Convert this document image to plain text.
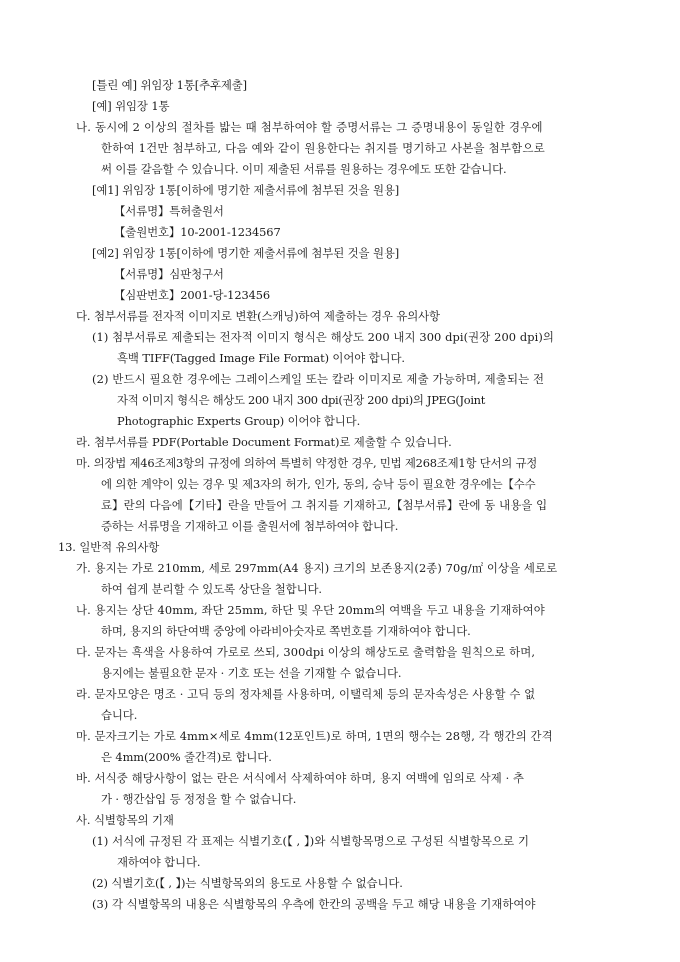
[틀린 예] 위임장 1통[추후제출]
[예] 위임장 1통
나. 동시에 2 이상의 절차를 밟는 때 첨부하여야 할 증명서류는 그 증명내용이 동일한 경우에
한하여 1건만 첨부하고, 다음 예와 같이 원용한다는 취지를 명기하고 사본을 첨부함으로
써 이를 갈음할 수 있습니다. 이미 제출된 서류를 원용하는 경우에도 또한 같습니다.
[예1] 위임장 1통[이하에 명기한 제출서류에 첨부된 것을 원용]
【서류명】특허출원서
【출원번호】10-2001-1234567
[예2] 위임장 1통[이하에 명기한 제출서류에 첨부된 것을 원용]
【서류명】심판청구서
【심판번호】2001-당-123456
다. 첨부서류를 전자적 이미지로 변환(스캐닝)하여 제출하는 경우 유의사항
(1) 첨부서류로 제출되는 전자적 이미지 형식은 해상도 200 내지 300 dpi(권장 200 dpi)의
흑백 TIFF(Tagged Image File Format) 이어야 합니다.
(2) 반드시 필요한 경우에는 그레이스케일 또는 칼라 이미지로 제출 가능하며, 제출되는 전
자적 이미지 형식은 해상도 200 내지 300 dpi(권장 200 dpi)의 JPEG(Joint
Photographic Experts Group) 이어야 합니다.
라. 첨부서류를 PDF(Portable Document Format)로 제출할 수 있습니다.
마. 의장법 제46조제3항의 규정에 의하여 특별히 약정한 경우, 민법 제268조제1항 단서의 규정
에 의한 계약이 있는 경우 및 제3자의 허가, 인가, 동의, 승낙 등이 필요한 경우에는【수수
료】란의 다음에【기타】란을 만들어 그 취지를 기재하고,【첨부서류】란에 동 내용을 입
증하는 서류명을 기재하고 이를 출원서에 첨부하여야 합니다.
13. 일반적 유의사항
가. 용지는 가로 210mm, 세로 297mm(A4 용지) 크기의 보존용지(2종) 70g/㎡ 이상을 세로로
하여 쉽게 분리할 수 있도록 상단을 철합니다.
나. 용지는 상단 40mm, 좌단 25mm, 하단 및 우단 20mm의 여백을 두고 내용을 기재하여야
하며, 용지의 하단여백 중앙에 아라비아숫자로 쪽번호를 기재하여야 합니다.
다. 문자는 흑색을 사용하여 가로로 쓰되, 300dpi 이상의 해상도로 출력함을 원칙으로 하며,
용지에는 불필요한 문자 · 기호 또는 선을 기재할 수 없습니다.
라. 문자모양은 명조 · 고딕 등의 정자체를 사용하며, 이탤릭체 등의 문자속성은 사용할 수 없
습니다.
마. 문자크기는 가로 4mm×세로 4mm(12포인트)로 하며, 1면의 행수는 28행, 각 행간의 간격
은 4mm(200% 줄간격)로 합니다.
바. 서식중 해당사항이 없는 란은 서식에서 삭제하여야 하며, 용지 여백에 임의로 삭제 · 추
가 · 행간삽입 등 정정을 할 수 없습니다.
사. 식별항목의 기재
(1) 서식에 규정된 각 표제는 식별기호(【 , 】)와 식별항목명으로 구성된 식별항목으로 기
재하여야 합니다.
(2) 식별기호(【 , 】)는 식별항목외의 용도로 사용할 수 없습니다.
(3) 각 식별항목의 내용은 식별항목의 우측에 한칸의 공백을 두고 해당 내용을 기재하여야
